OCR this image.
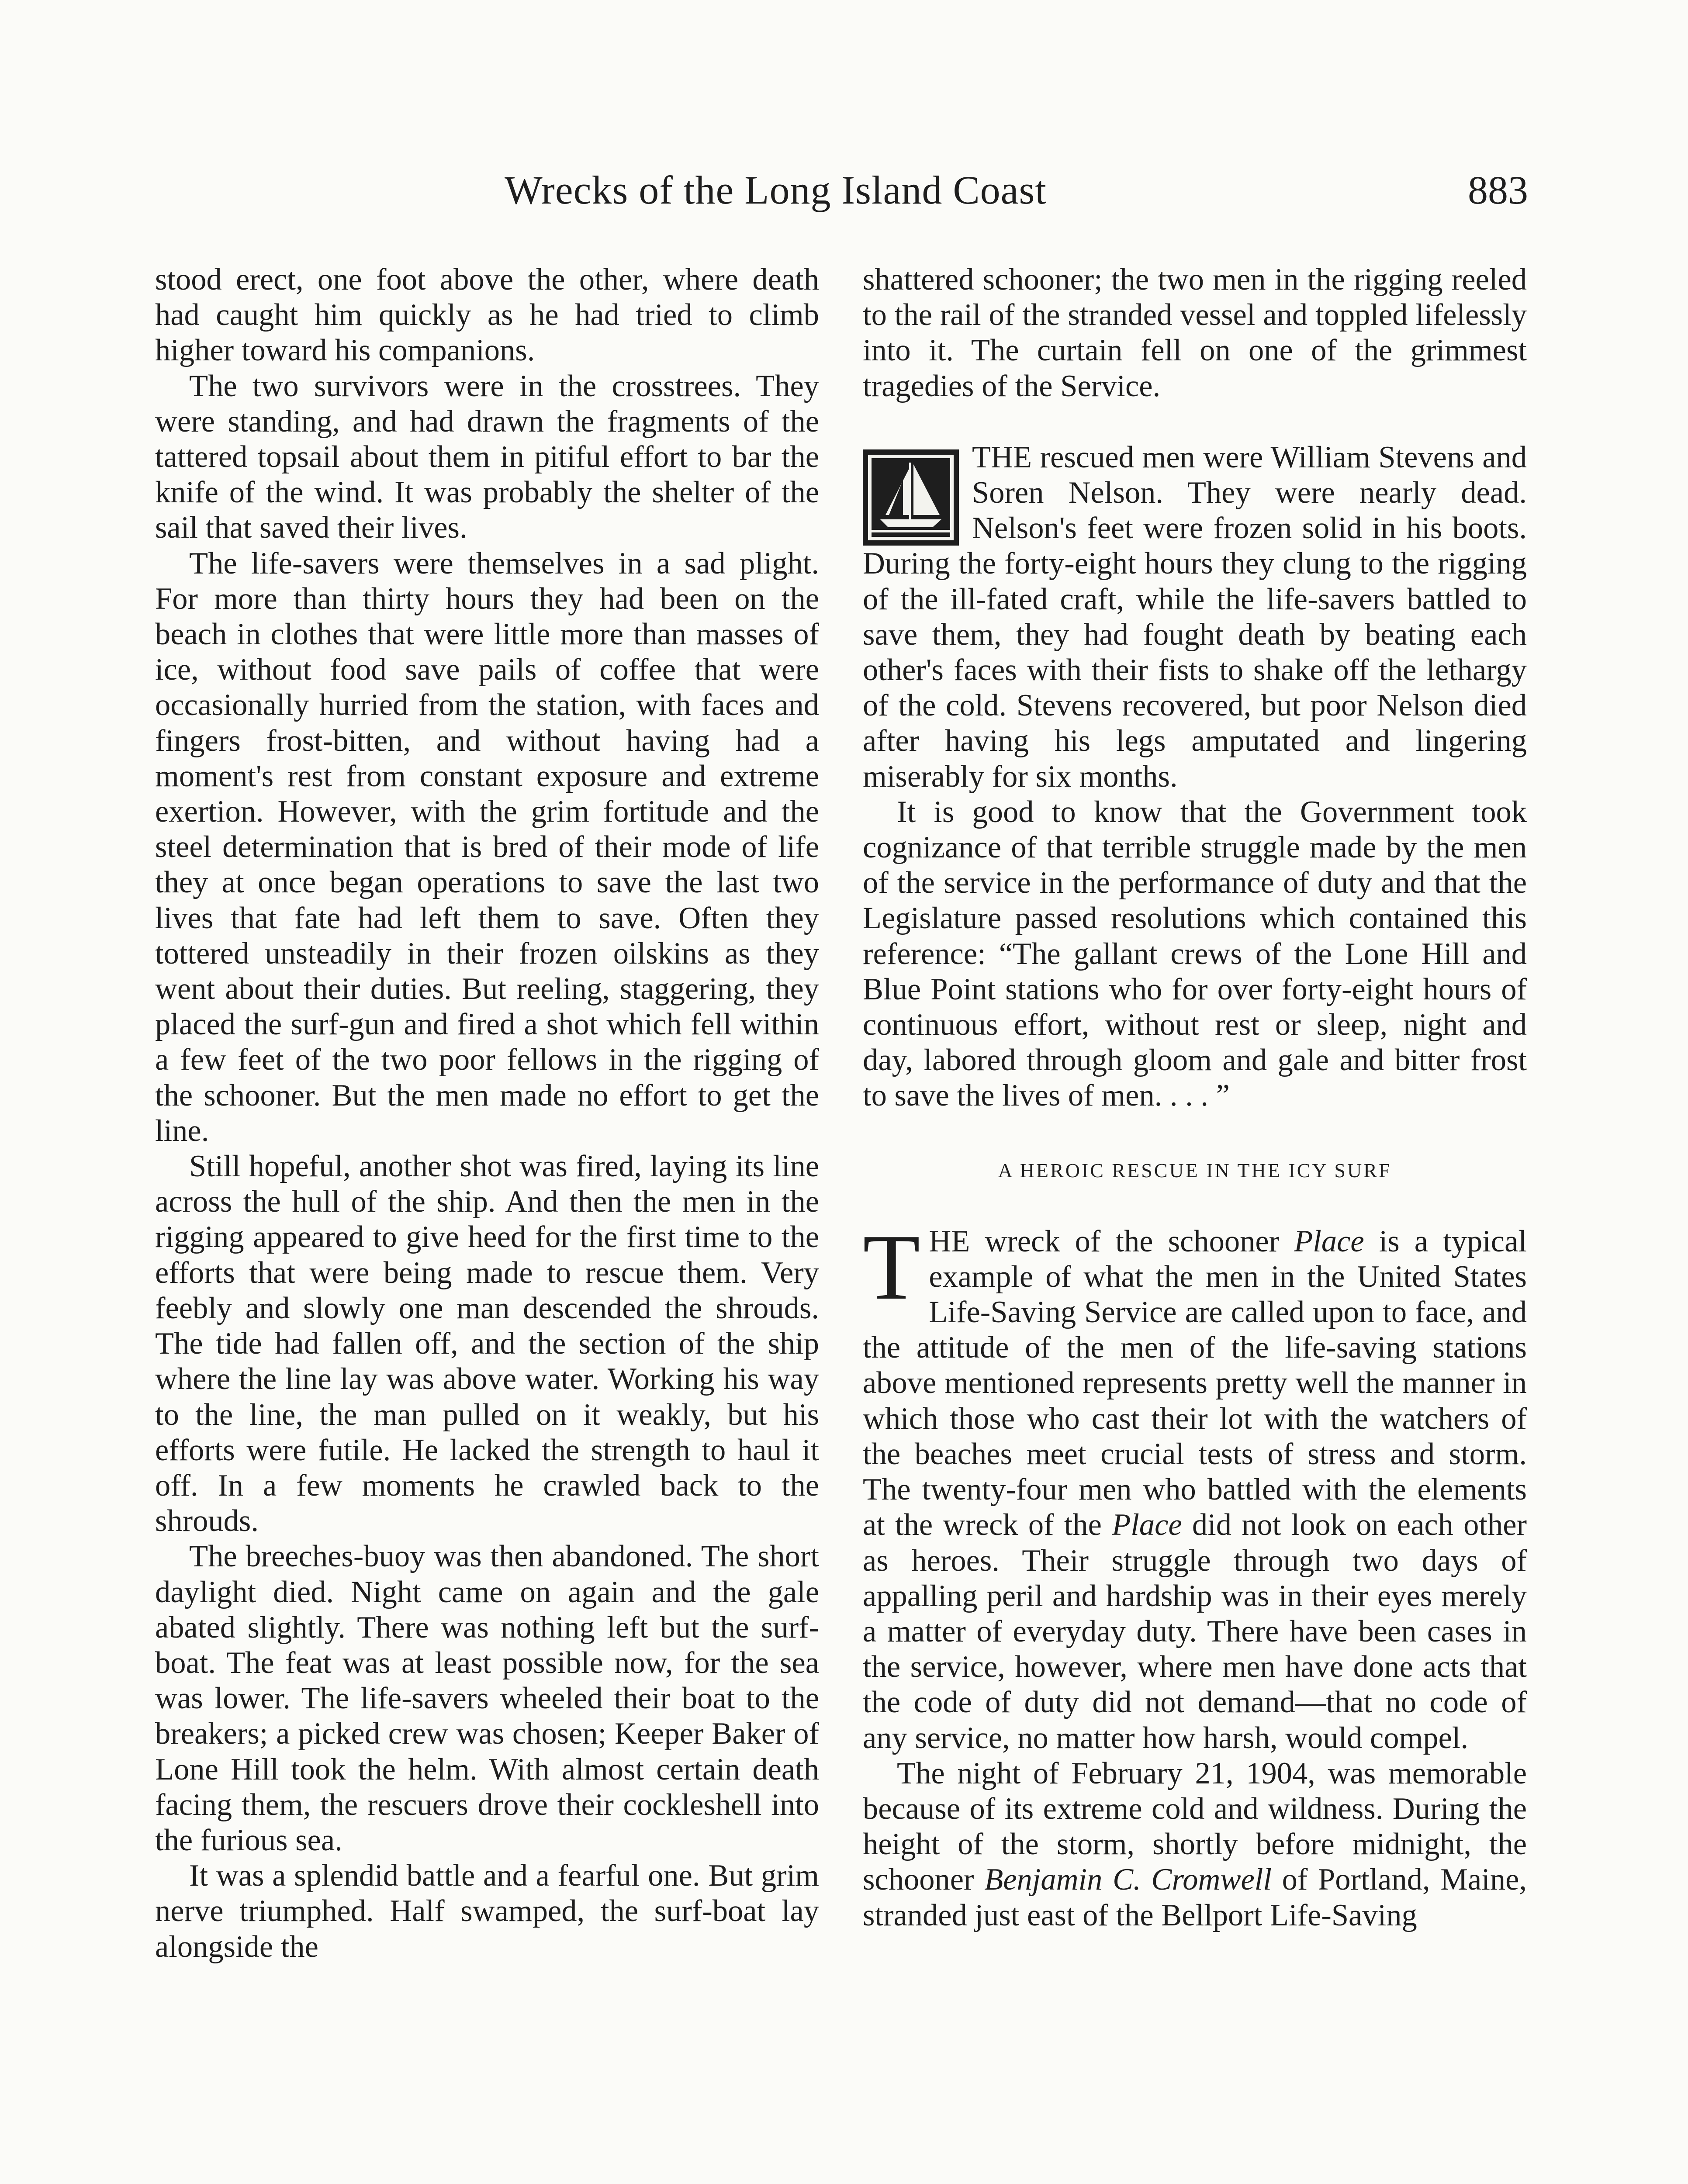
Wrecks of the Long Island Coast	883

stood erect, one foot above the other, where death had caught him quickly as he had tried to climb higher toward his companions.

The two survivors were in the crosstrees. They were standing, and had drawn the fragments of the tattered topsail about them in pitiful effort to bar the knife of the wind. It was probably the shelter of the sail that saved their lives.

The life-savers were themselves in a sad plight. For more than thirty hours they had been on the beach in clothes that were little more than masses of ice, without food save pails of coffee that were occasionally hurried from the station, with faces and fingers frost-bitten, and without having had a moment's rest from constant exposure and extreme exertion. However, with the grim fortitude and the steel determination that is bred of their mode of life they at once began operations to save the last two lives that fate had left them to save. Often they tottered unsteadily in their frozen oilskins as they went about their duties. But reeling, staggering, they placed the surf-gun and fired a shot which fell within a few feet of the two poor fellows in the rigging of the schooner. But the men made no effort to get the line.

Still hopeful, another shot was fired, laying its line across the hull of the ship. And then the men in the rigging appeared to give heed for the first time to the efforts that were being made to rescue them. Very feebly and slowly one man descended the shrouds. The tide had fallen off, and the section of the ship where the line lay was above water. Working his way to the line, the man pulled on it weakly, but his efforts were futile. He lacked the strength to haul it off. In a few moments he crawled back to the shrouds.

The breeches-buoy was then abandoned. The short daylight died. Night came on again and the gale abated slightly. There was nothing left but the surf-boat. The feat was at least possible now, for the sea was lower. The life-savers wheeled their boat to the breakers; a picked crew was chosen; Keeper Baker of Lone Hill took the helm. With almost certain death facing them, the rescuers drove their cockleshell into the furious sea.

It was a splendid battle and a fearful one. But grim nerve triumphed. Half swamped, the surf-boat lay alongside the

shattered schooner; the two men in the rigging reeled to the rail of the stranded vessel and toppled lifelessly into it. The curtain fell on one of the grimmest tragedies of the Service.

THE rescued men were William Stevens and Soren Nelson. They were nearly dead. Nelson's feet were frozen solid in his boots. During the forty-eight hours they clung to the rigging of the ill-fated craft, while the life-savers battled to save them, they had fought death by beating each other's faces with their fists to shake off the lethargy of the cold. Stevens recovered, but poor Nelson died after having his legs amputated and lingering miserably for six months.

It is good to know that the Government took cognizance of that terrible struggle made by the men of the service in the performance of duty and that the Legislature passed resolutions which contained this reference: “The gallant crews of the Lone Hill and Blue Point stations who for over forty-eight hours of continuous effort, without rest or sleep, night and day, labored through gloom and gale and bitter frost to save the lives of men. . . . ”

A HEROIC RESCUE IN THE ICY SURF

THE wreck of the schooner Place is a typical example of what the men in the United States Life-Saving Service are called upon to face, and the attitude of the men of the life-saving stations above mentioned represents pretty well the manner in which those who cast their lot with the watchers of the beaches meet crucial tests of stress and storm. The twenty-four men who battled with the elements at the wreck of the Place did not look on each other as heroes. Their struggle through two days of appalling peril and hardship was in their eyes merely a matter of everyday duty. There have been cases in the service, however, where men have done acts that the code of duty did not demand—that no code of any service, no matter how harsh, would compel.

The night of February 21, 1904, was memorable because of its extreme cold and wildness. During the height of the storm, shortly before midnight, the schooner Benjamin C. Cromwell of Portland, Maine, stranded just east of the Bellport Life-Saving
